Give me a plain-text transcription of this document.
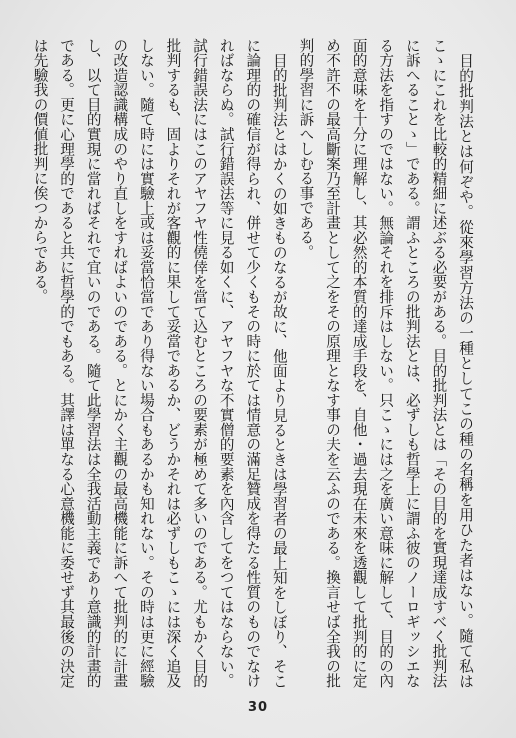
目的批判法とは何ぞや。從來學習方法の一種としてこの種の名稱を用ひた者はない。隨て私はこゝにこれを比較的精細に述ぶる必要がある。目的批判法とは「その目的を實現達成すべく批判法に訴へることゝ」である。謂ふところの批判法とは、必ずしも哲學上に謂ふ彼のノーロギッシエなる方法を指すのではない。無論それを排斥はしない。只こゝには之を廣い意味に解して、目的の內面的意味を十分に理解し、其必然的本質的達成手段を、自他・過去現在未來を透觀して批判的に定め不許不の最高斷案乃至計畫として之をその原理となす事の夫を云ふのである。換言せば全我の批判的學習に訴へしむる事である。

目的批判法とはかくの如きものなるが故に、他面より見るときは學習者の最上知をしぼり、そこに論理的の確信が得られ、併せて少くもその時に於ては情意の滿足贊成を得たる性質のものでなければならぬ。試行錯誤法等に見る如くに、アヤフヤな不實僧的要素を內含してをつてはならない。試行錯誤法にはこのアヤフヤ性僥倖を當て込むところの要素が極めて多いのである。尤もかく目的批判するも、固よりそれが客觀的に果して妥當であるか、どうかそれは必ずしもこゝには深く追及しない。隨て時には實驗上或は妥當恰當であり得ない場合もあるかも知れない。その時は更に經驗の改造認識構成のやり直しをすればよいのである。とにかく主觀の最高機能に訴へて批判的に計畫し、以て目的實現に當ればそれで宜いのである。隨て此學習法は全我活動主義であり意識的計畫的である。更に心理學的であると共に哲學的でもある。其譯は單なる心意機能に委せず其最後の決定は先驗我の價値批判に俟つからである。

30
